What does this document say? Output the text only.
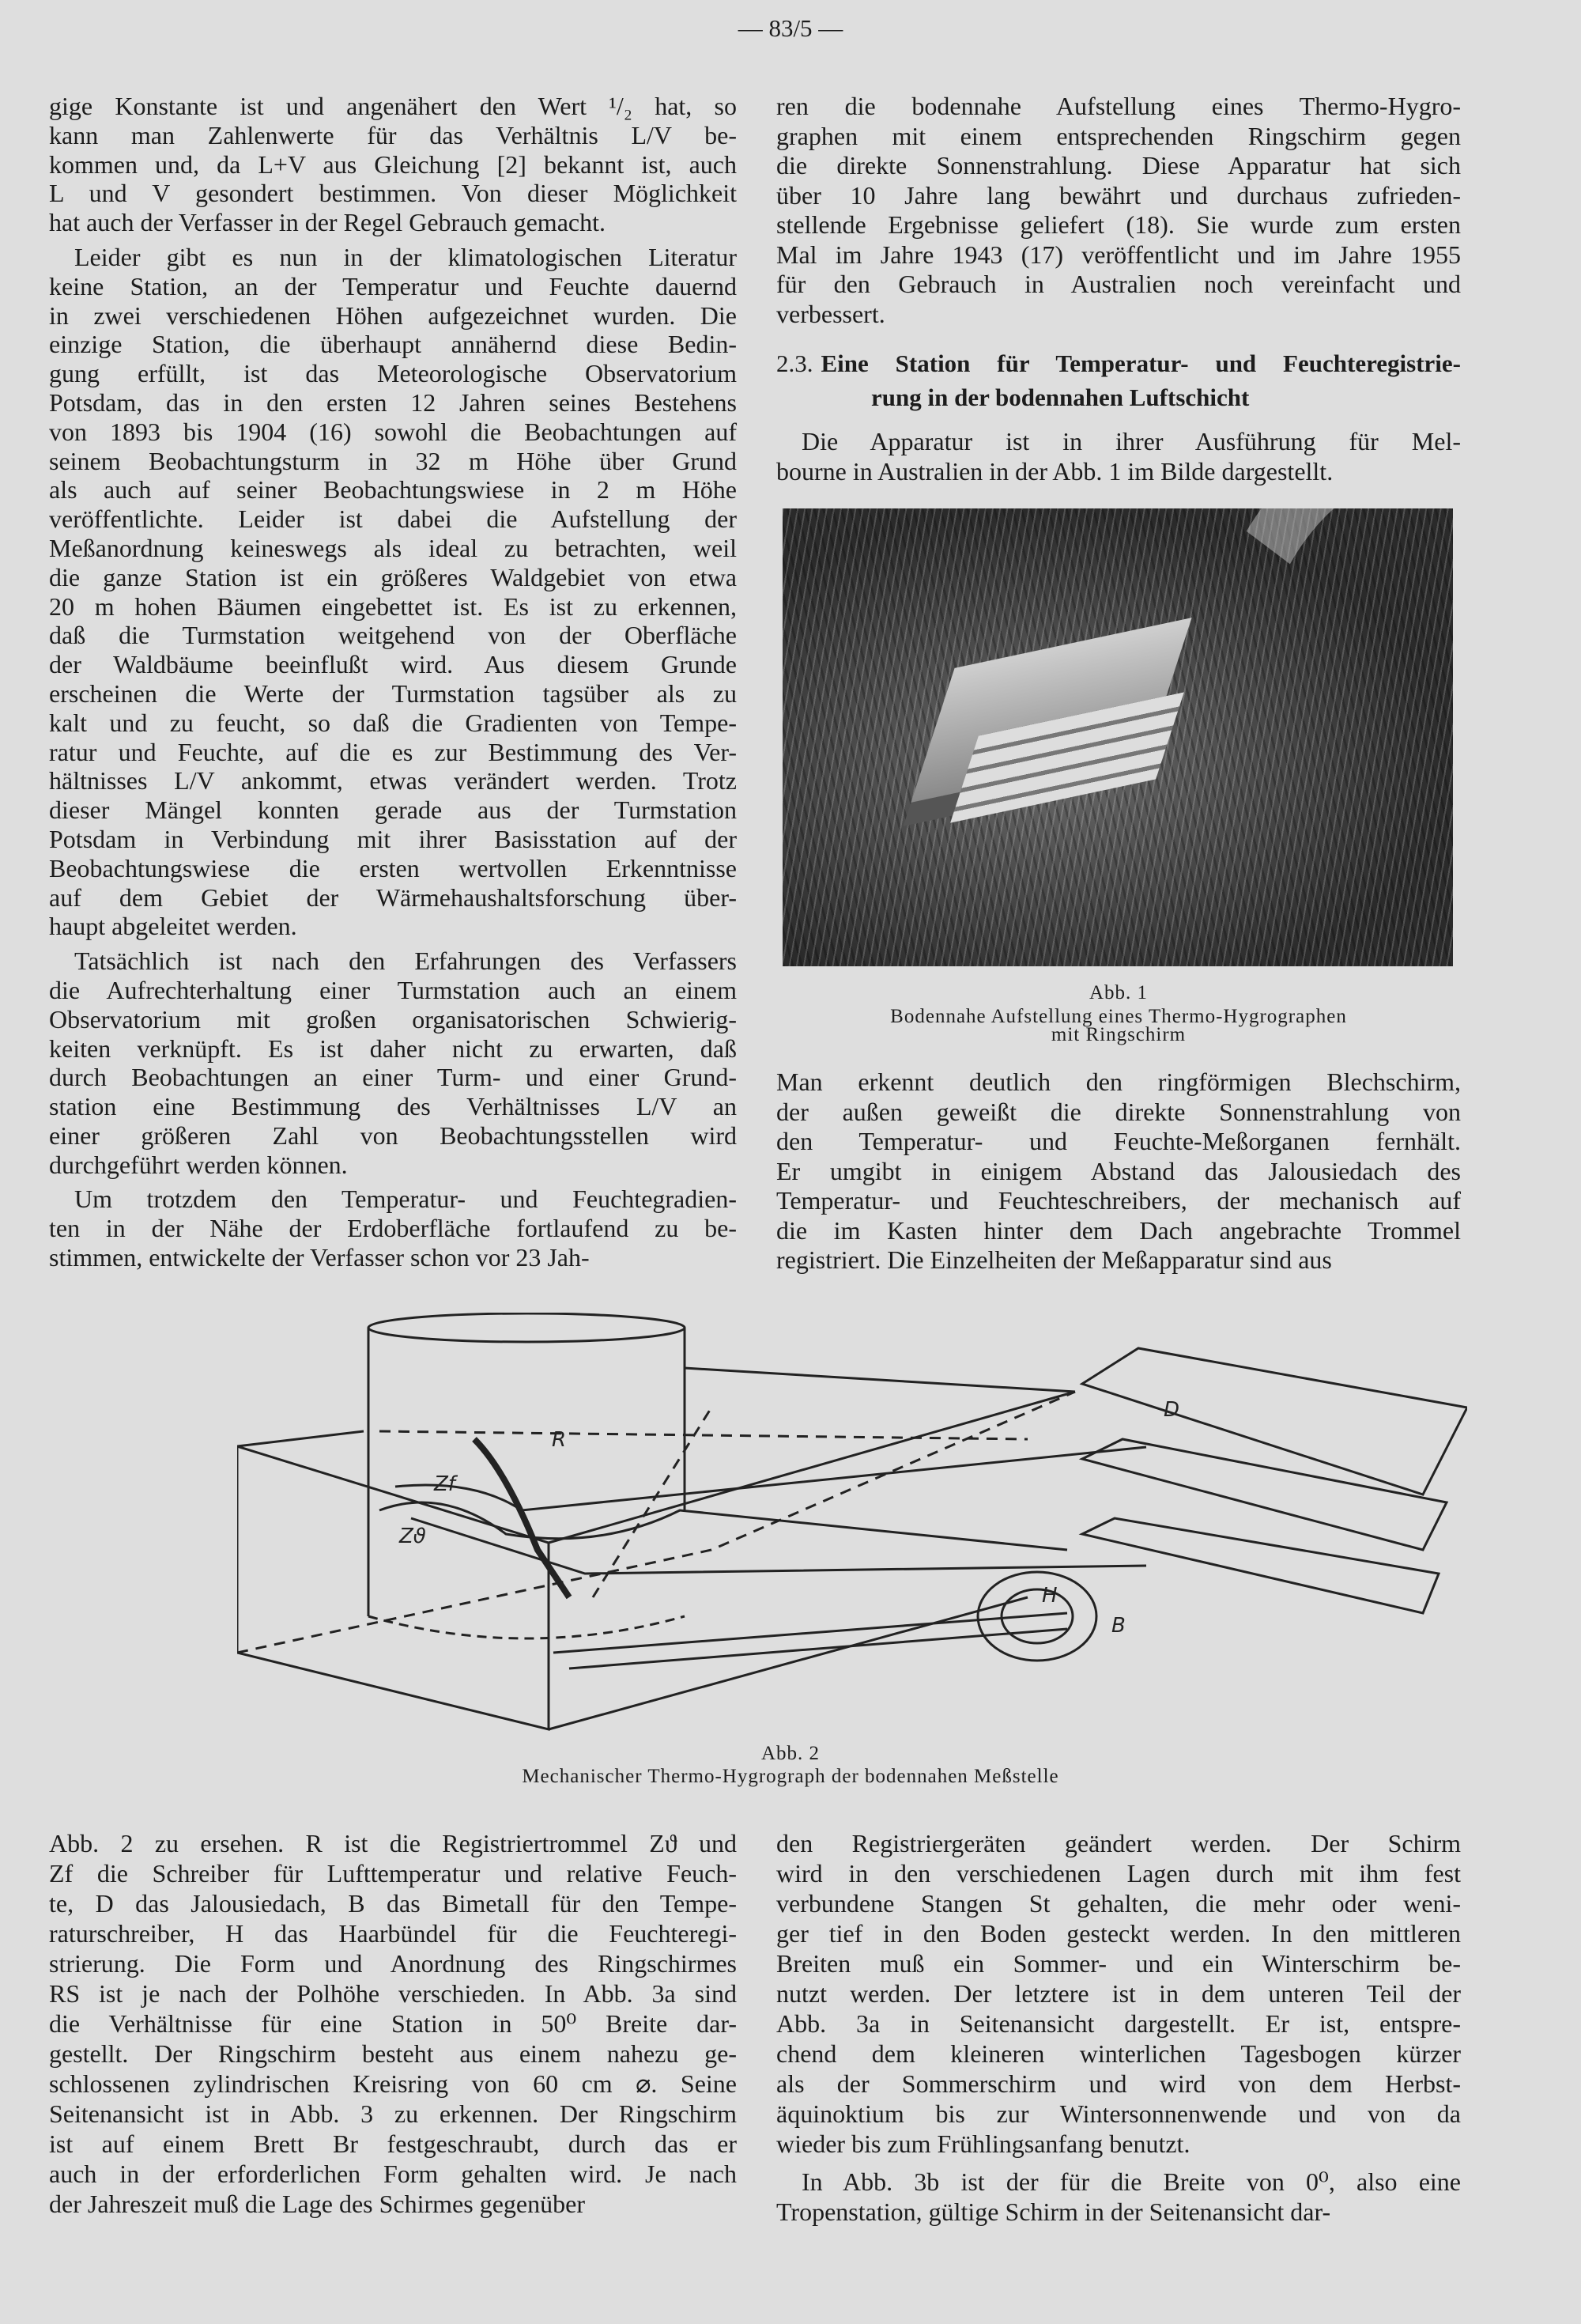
— 83/5 —
gige Konstante ist und angenähert den Wert ¹/₂ hat, so
kann man Zahlenwerte für das Verhältnis L/V be-
kommen und, da L+V aus Gleichung [2] bekannt ist, auch
L und V gesondert bestimmen. Von dieser Möglichkeit
hat auch der Verfasser in der Regel Gebrauch gemacht.
Leider gibt es nun in der klimatologischen Literatur
keine Station, an der Temperatur und Feuchte dauernd
in zwei verschiedenen Höhen aufgezeichnet wurden. Die
einzige Station, die überhaupt annähernd diese Bedin-
gung erfüllt, ist das Meteorologische Observatorium
Potsdam, das in den ersten 12 Jahren seines Bestehens
von 1893 bis 1904 (16) sowohl die Beobachtungen auf
seinem Beobachtungsturm in 32 m Höhe über Grund
als auch auf seiner Beobachtungswiese in 2 m Höhe
veröffentlichte. Leider ist dabei die Aufstellung der
Meßanordnung keineswegs als ideal zu betrachten, weil
die ganze Station ist ein größeres Waldgebiet von etwa
20 m hohen Bäumen eingebettet ist. Es ist zu erkennen,
daß die Turmstation weitgehend von der Oberfläche
der Waldbäume beeinflußt wird. Aus diesem Grunde
erscheinen die Werte der Turmstation tagsüber als zu
kalt und zu feucht, so daß die Gradienten von Tempe-
ratur und Feuchte, auf die es zur Bestimmung des Ver-
hältnisses L/V ankommt, etwas verändert werden. Trotz
dieser Mängel konnten gerade aus der Turmstation
Potsdam in Verbindung mit ihrer Basisstation auf der
Beobachtungswiese die ersten wertvollen Erkenntnisse
auf dem Gebiet der Wärmehaushaltsforschung über-
haupt abgeleitet werden.
Tatsächlich ist nach den Erfahrungen des Verfassers
die Aufrechterhaltung einer Turmstation auch an einem
Observatorium mit großen organisatorischen Schwierig-
keiten verknüpft. Es ist daher nicht zu erwarten, daß
durch Beobachtungen an einer Turm- und einer Grund-
station eine Bestimmung des Verhältnisses L/V an
einer größeren Zahl von Beobachtungsstellen wird
durchgeführt werden können.
Um trotzdem den Temperatur- und Feuchtegradien-
ten in der Nähe der Erdoberfläche fortlaufend zu be-
stimmen, entwickelte der Verfasser schon vor 23 Jah-
ren die bodennahe Aufstellung eines Thermo-Hygro-
graphen mit einem entsprechenden Ringschirm gegen
die direkte Sonnenstrahlung. Diese Apparatur hat sich
über 10 Jahre lang bewährt und durchaus zufrieden-
stellende Ergebnisse geliefert (18). Sie wurde zum ersten
Mal im Jahre 1943 (17) veröffentlicht und im Jahre 1955
für den Gebrauch in Australien noch vereinfacht und
verbessert.
2.3. Eine Station für Temperatur- und Feuchteregistrie-
rung in der bodennahen Luftschicht
Die Apparatur ist in ihrer Ausführung für Mel-
bourne in Australien in der Abb. 1 im Bilde dargestellt.
Abb. 1
Bodennahe Aufstellung eines Thermo-Hygrographen
mit Ringschirm
Man erkennt deutlich den ringförmigen Blechschirm,
der außen geweißt die direkte Sonnenstrahlung von
den Temperatur- und Feuchte-Meßorganen fernhält.
Er umgibt in einigem Abstand das Jalousiedach des
Temperatur- und Feuchteschreibers, der mechanisch auf
die im Kasten hinter dem Dach angebrachte Trommel
registriert. Die Einzelheiten der Meßapparatur sind aus
R
Zf
Zϑ
H
B
D
Abb. 2
Mechanischer Thermo-Hygrograph der bodennahen Meßstelle
Abb. 2 zu ersehen. R ist die Registriertrommel Zϑ und
Zf die Schreiber für Lufttemperatur und relative Feuch-
te, D das Jalousiedach, B das Bimetall für den Tempe-
raturschreiber, H das Haarbündel für die Feuchteregi-
strierung. Die Form und Anordnung des Ringschirmes
RS ist je nach der Polhöhe verschieden. In Abb. 3a sind
die Verhältnisse für eine Station in 50⁰ Breite dar-
gestellt. Der Ringschirm besteht aus einem nahezu ge-
schlossenen zylindrischen Kreisring von 60 cm ⌀. Seine
Seitenansicht ist in Abb. 3 zu erkennen. Der Ringschirm
ist auf einem Brett Br festgeschraubt, durch das er
auch in der erforderlichen Form gehalten wird. Je nach
der Jahreszeit muß die Lage des Schirmes gegenüber
den Registriergeräten geändert werden. Der Schirm
wird in den verschiedenen Lagen durch mit ihm fest
verbundene Stangen St gehalten, die mehr oder weni-
ger tief in den Boden gesteckt werden. In den mittleren
Breiten muß ein Sommer- und ein Winterschirm be-
nutzt werden. Der letztere ist in dem unteren Teil der
Abb. 3a in Seitenansicht dargestellt. Er ist, entspre-
chend dem kleineren winterlichen Tagesbogen kürzer
als der Sommerschirm und wird von dem Herbst-
äquinoktium bis zur Wintersonnenwende und von da
wieder bis zum Frühlingsanfang benutzt.
In Abb. 3b ist der für die Breite von 0⁰, also eine
Tropenstation, gültige Schirm in der Seitenansicht dar-
